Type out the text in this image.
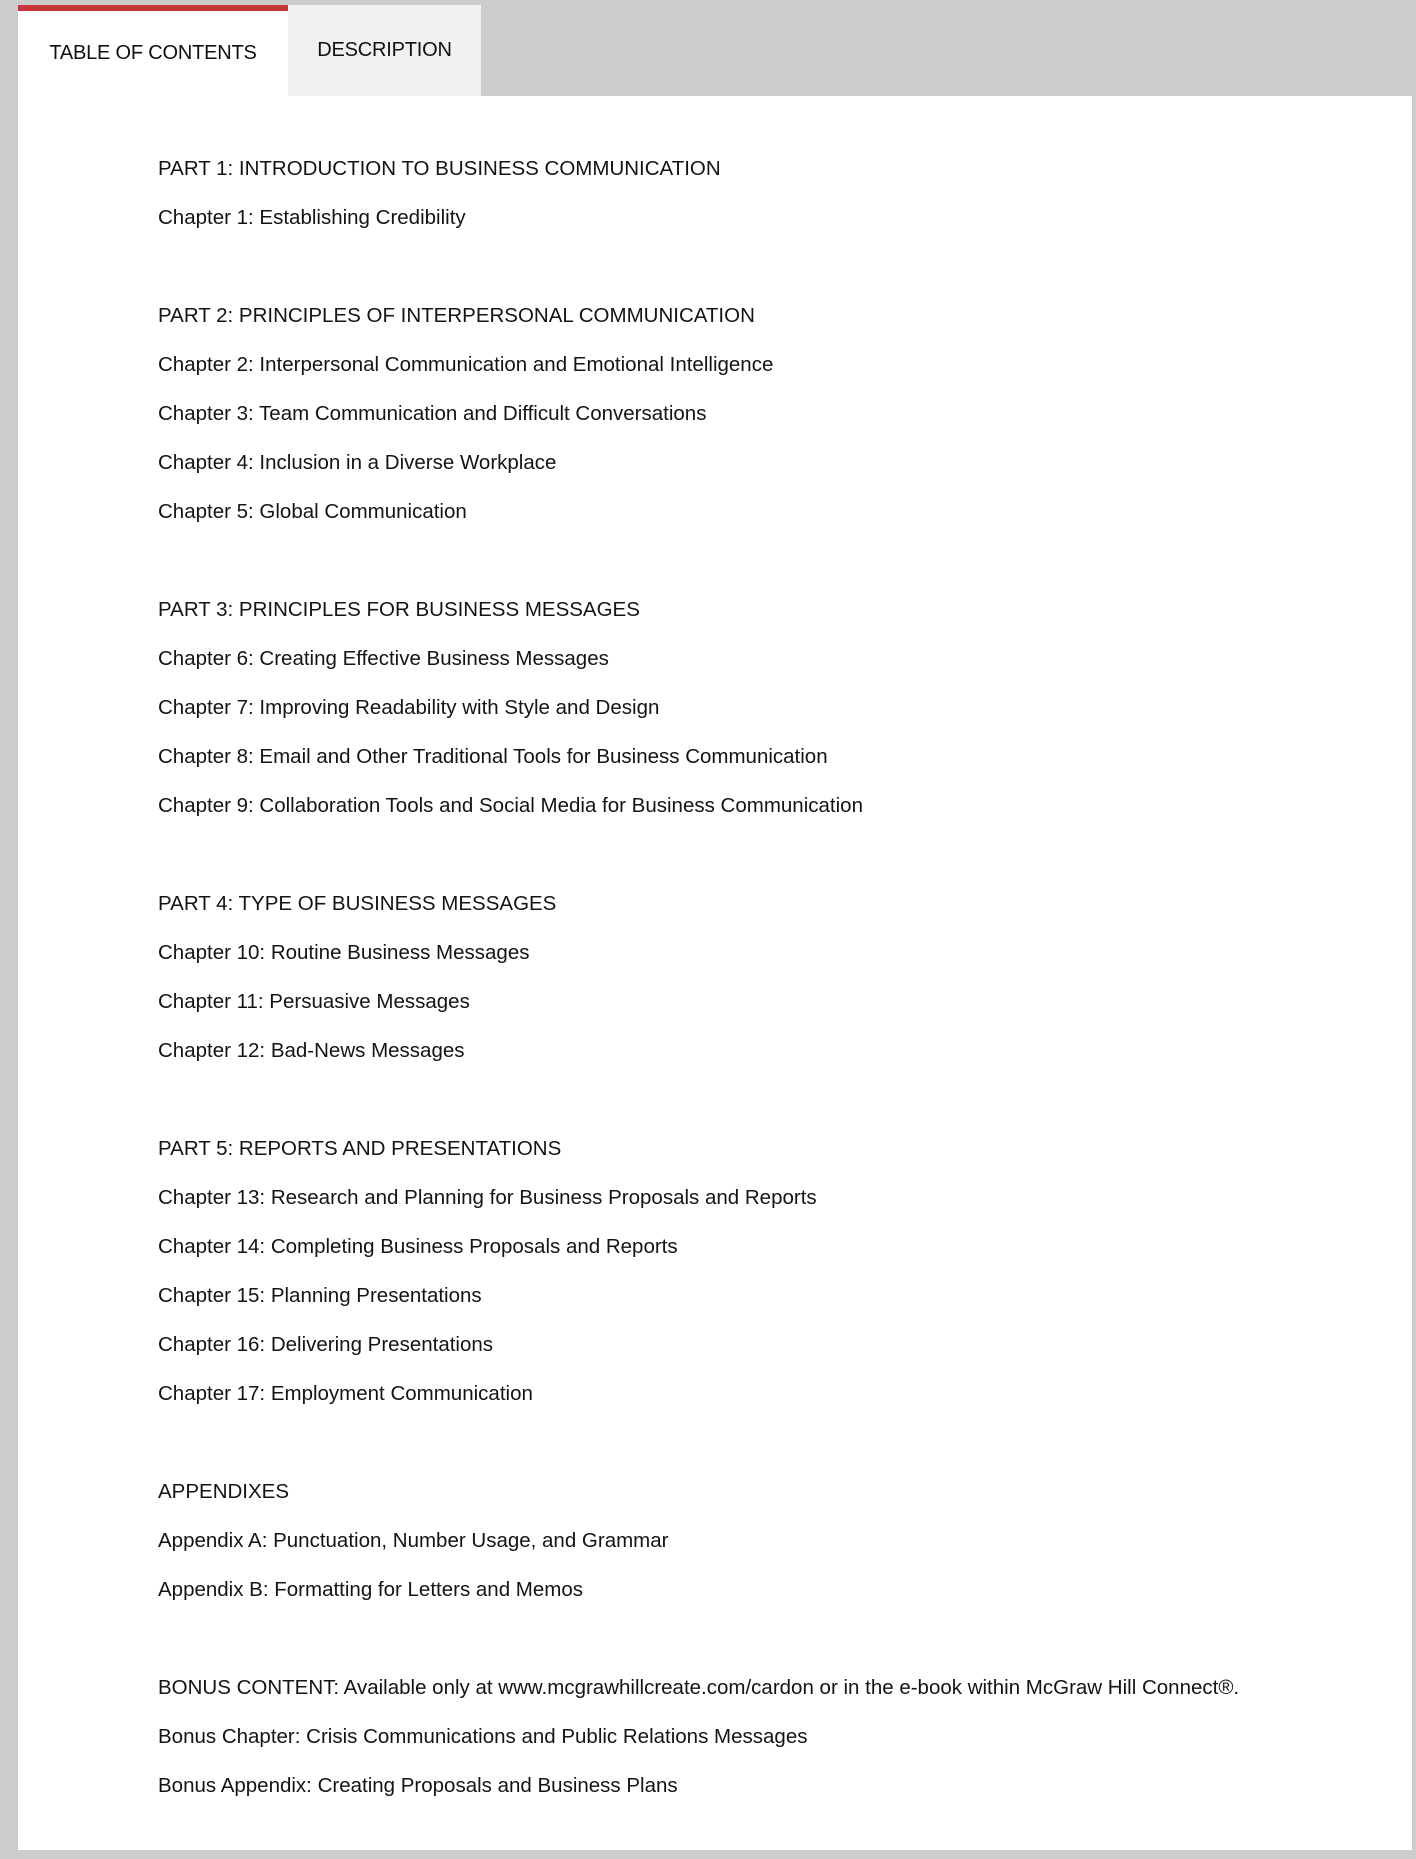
TABLE OF CONTENTS	DESCRIPTION
PART 1: INTRODUCTION TO BUSINESS COMMUNICATION
Chapter 1: Establishing Credibility
PART 2: PRINCIPLES OF INTERPERSONAL COMMUNICATION
Chapter 2: Interpersonal Communication and Emotional Intelligence
Chapter 3: Team Communication and Difficult Conversations
Chapter 4: Inclusion in a Diverse Workplace
Chapter 5: Global Communication
PART 3: PRINCIPLES FOR BUSINESS MESSAGES
Chapter 6: Creating Effective Business Messages
Chapter 7: Improving Readability with Style and Design
Chapter 8: Email and Other Traditional Tools for Business Communication
Chapter 9: Collaboration Tools and Social Media for Business Communication
PART 4: TYPE OF BUSINESS MESSAGES
Chapter 10: Routine Business Messages
Chapter 11: Persuasive Messages
Chapter 12: Bad-News Messages
PART 5: REPORTS AND PRESENTATIONS
Chapter 13: Research and Planning for Business Proposals and Reports
Chapter 14: Completing Business Proposals and Reports
Chapter 15: Planning Presentations
Chapter 16: Delivering Presentations
Chapter 17: Employment Communication
APPENDIXES
Appendix A: Punctuation, Number Usage, and Grammar
Appendix B: Formatting for Letters and Memos
BONUS CONTENT: Available only at www.mcgrawhillcreate.com/cardon or in the e-book within McGraw Hill Connect®.
Bonus Chapter: Crisis Communications and Public Relations Messages
Bonus Appendix: Creating Proposals and Business Plans
